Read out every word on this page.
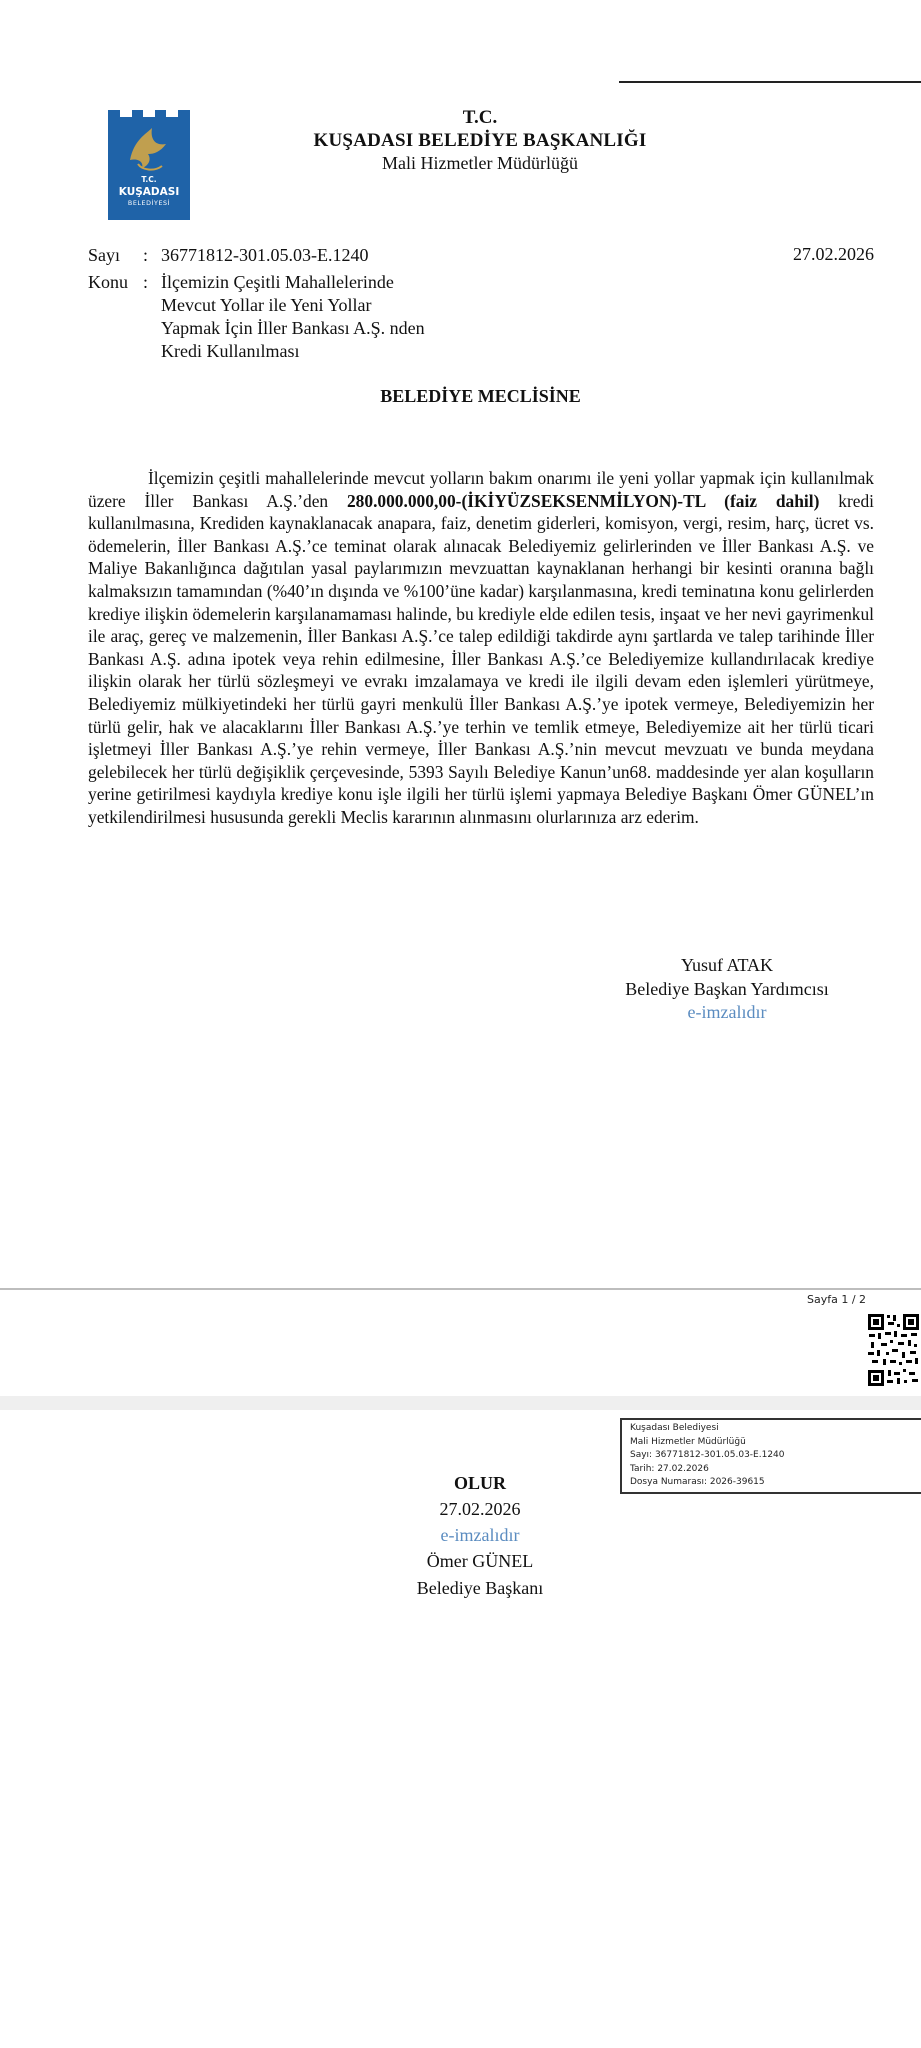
T.C.
KUŞADASI
BELEDİYESİ
T.C.
KUŞADASI BELEDİYE BAŞKANLIĞI
Mali Hizmetler Müdürlüğü
Sayı : 36771812-301.05.03-E.1240	27.02.2026
Konu : İlçemizin Çeşitli Mahallelerinde
Mevcut Yollar ile Yeni Yollar
Yapmak İçin İller Bankası A.Ş. nden
Kredi Kullanılması
BELEDİYE MECLİSİNE
İlçemizin çeşitli mahallelerinde mevcut yolların bakım onarımı ile yeni yollar yapmak için kullanılmak üzere İller Bankası A.Ş.’den 280.000.000,00-(İKİYÜZSEKSENMİLYON)-TL (faiz dahil) kredi kullanılmasına, Krediden kaynaklanacak anapara, faiz, denetim giderleri, komisyon, vergi, resim, harç, ücret vs. ödemelerin, İller Bankası A.Ş.’ce teminat olarak alınacak Belediyemiz gelirlerinden ve İller Bankası A.Ş. ve Maliye Bakanlığınca dağıtılan yasal paylarımızın mevzuattan kaynaklanan herhangi bir kesinti oranına bağlı kalmaksızın tamamından (%40’ın dışında ve %100’üne kadar) karşılanmasına, kredi teminatına konu gelirlerden krediye ilişkin ödemelerin karşılanamaması halinde, bu krediyle elde edilen tesis, inşaat ve her nevi gayrimenkul ile araç, gereç ve malzemenin, İller Bankası A.Ş.’ce talep edildiği takdirde aynı şartlarda ve talep tarihinde İller Bankası A.Ş. adına ipotek veya rehin edilmesine, İller Bankası A.Ş.’ce Belediyemize kullandırılacak krediye ilişkin olarak her türlü sözleşmeyi ve evrakı imzalamaya ve kredi ile ilgili devam eden işlemleri yürütmeye, Belediyemiz mülkiyetindeki her türlü gayri menkulü İller Bankası A.Ş.’ye ipotek vermeye, Belediyemizin her türlü gelir, hak ve alacaklarını İller Bankası A.Ş.’ye terhin ve temlik etmeye, Belediyemize ait her türlü ticari işletmeyi İller Bankası A.Ş.’ye rehin vermeye, İller Bankası A.Ş.’nin mevcut mevzuatı ve bunda meydana gelebilecek her türlü değişiklik çerçevesinde, 5393 Sayılı Belediye Kanun’un68. maddesinde yer alan koşulların yerine getirilmesi kaydıyla krediye konu işle ilgili her türlü işlemi yapmaya Belediye Başkanı Ömer GÜNEL’ın yetkilendirilmesi hususunda gerekli Meclis kararının alınmasını olurlarınıza arz ederim.
Yusuf ATAK
Belediye Başkan Yardımcısı
e-imzalıdır
Sayfa 1 / 2
Kuşadası Belediyesi
Mali Hizmetler Müdürlüğü
Sayı: 36771812-301.05.03-E.1240
Tarih: 27.02.2026
Dosya Numarası: 2026-39615
OLUR
27.02.2026
e-imzalıdır
Ömer GÜNEL
Belediye Başkanı
